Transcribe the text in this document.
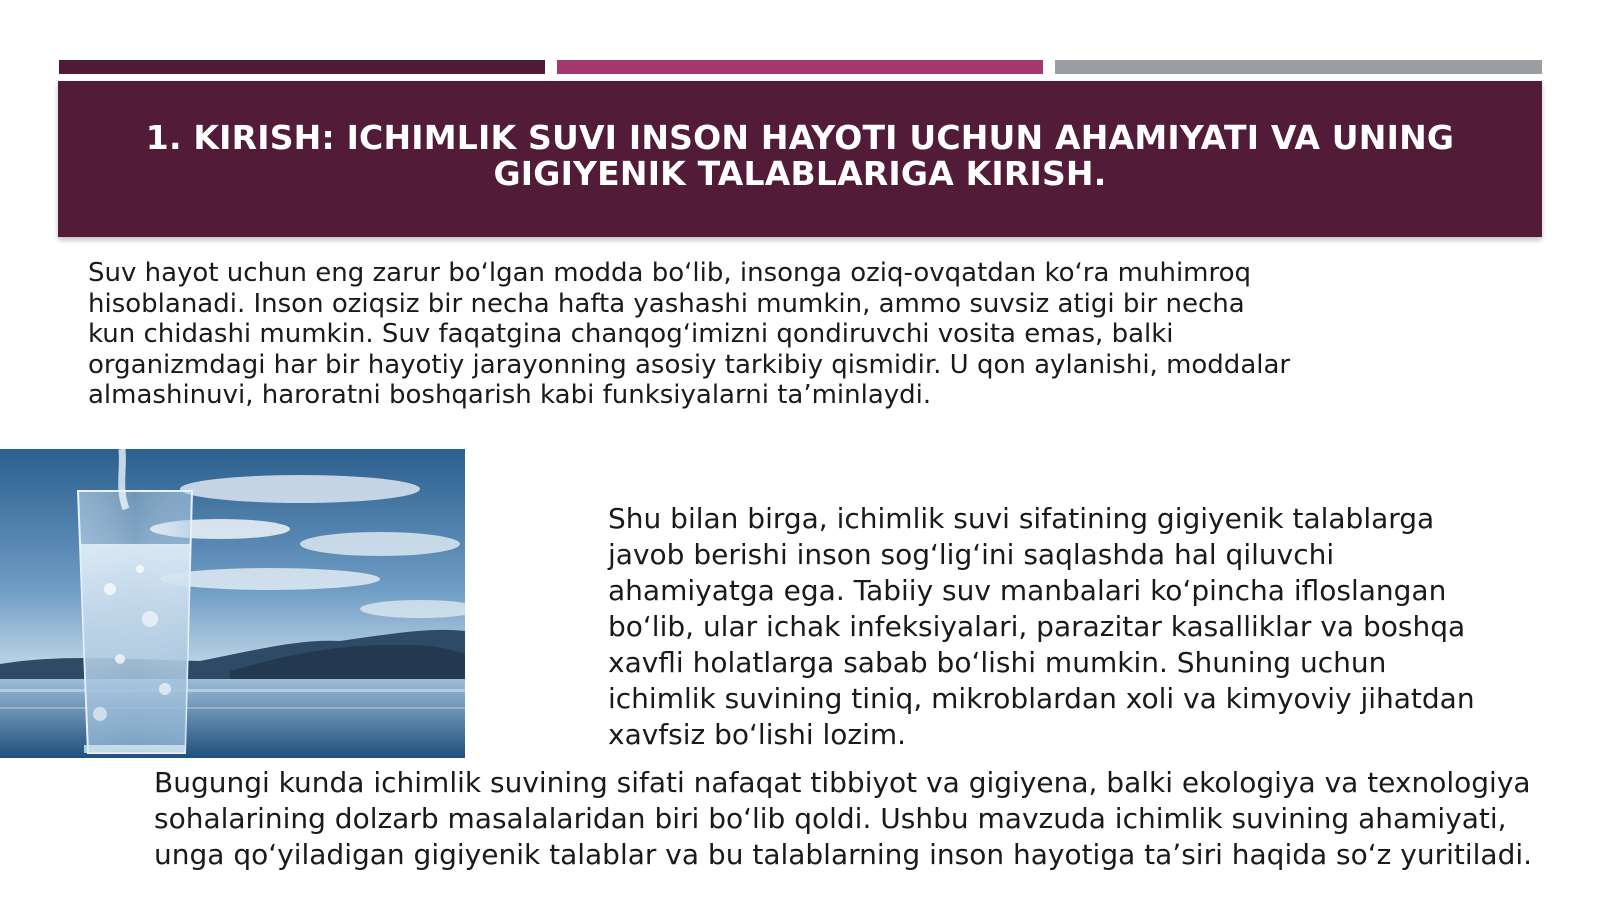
1. KIRISH: ICHIMLIK SUVI INSON HAYOTI UCHUN AHAMIYATI VA UNING GIGIYENIK TALABLARIGA KIRISH.

Suv hayot uchun eng zarur boʻlgan modda boʻlib, insonga oziq-ovqatdan koʻra muhimroq hisoblanadi. Inson oziqsiz bir necha hafta yashashi mumkin, ammo suvsiz atigi bir necha kun chidashi mumkin. Suv faqatgina chanqogʻimizni qondiruvchi vosita emas, balki organizmdagi har bir hayotiy jarayonning asosiy tarkibiy qismidir. U qon aylanishi, moddalar almashinuvi, haroratni boshqarish kabi funksiyalarni taʼminlaydi.

Shu bilan birga, ichimlik suvi sifatining gigiyenik talablarga javob berishi inson sogʻligʻini saqlashda hal qiluvchi ahamiyatga ega. Tabiiy suv manbalari koʻpincha ifloslangan boʻlib, ular ichak infeksiyalari, parazitar kasalliklar va boshqa xavfli holatlarga sabab boʻlishi mumkin. Shuning uchun ichimlik suvining tiniq, mikroblardan xoli va kimyoviy jihatdan xavfsiz boʻlishi lozim.

Bugungi kunda ichimlik suvining sifati nafaqat tibbiyot va gigiyena, balki ekologiya va texnologiya sohalarining dolzarb masalalaridan biri boʻlib qoldi. Ushbu mavzuda ichimlik suvining ahamiyati, unga qoʻyiladigan gigiyenik talablar va bu talablarning inson hayotiga taʼsiri haqida soʻz yuritiladi.
